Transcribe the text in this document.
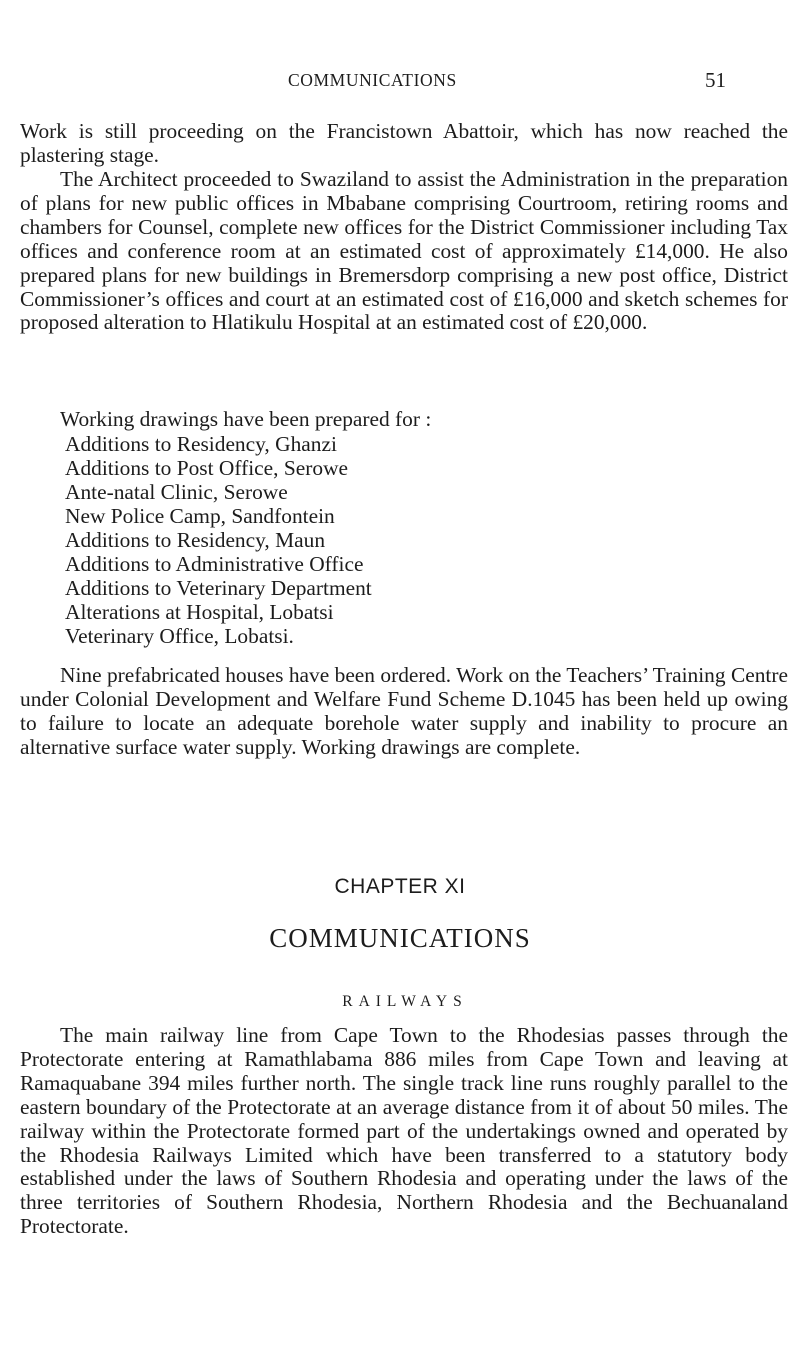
COMMUNICATIONS	51

Work is still proceeding on the Francistown Abattoir, which has now reached the plastering stage.

The Architect proceeded to Swaziland to assist the Administration in the preparation of plans for new public offices in Mbabane comprising Courtroom, retiring rooms and chambers for Counsel, complete new offices for the District Commissioner including Tax offices and conference room at an estimated cost of approximately £14,000. He also prepared plans for new buildings in Bremersdorp comprising a new post office, District Commissioner’s offices and court at an estimated cost of £16,000 and sketch schemes for proposed alteration to Hlatikulu Hospital at an estimated cost of £20,000.

Working drawings have been prepared for :

Additions to Residency, Ghanzi
Additions to Post Office, Serowe
Ante-natal Clinic, Serowe
New Police Camp, Sandfontein
Additions to Residency, Maun
Additions to Administrative Office
Additions to Veterinary Department
Alterations at Hospital, Lobatsi
Veterinary Office, Lobatsi.

Nine prefabricated houses have been ordered. Work on the Teachers’ Training Centre under Colonial Development and Welfare Fund Scheme D.1045 has been held up owing to failure to locate an adequate borehole water supply and inability to procure an alternative surface water supply. Working drawings are complete.

CHAPTER XI
COMMUNICATIONS
RAILWAYS

The main railway line from Cape Town to the Rhodesias passes through the Protectorate entering at Ramathlabama 886 miles from Cape Town and leaving at Ramaquabane 394 miles further north. The single track line runs roughly parallel to the eastern boundary of the Protectorate at an average distance from it of about 50 miles. The railway within the Protectorate formed part of the undertakings owned and operated by the Rhodesia Railways Limited which have been transferred to a statutory body established under the laws of Southern Rhodesia and operating under the laws of the three territories of Southern Rhodesia, Northern Rhodesia and the Bechuanaland Protectorate.
